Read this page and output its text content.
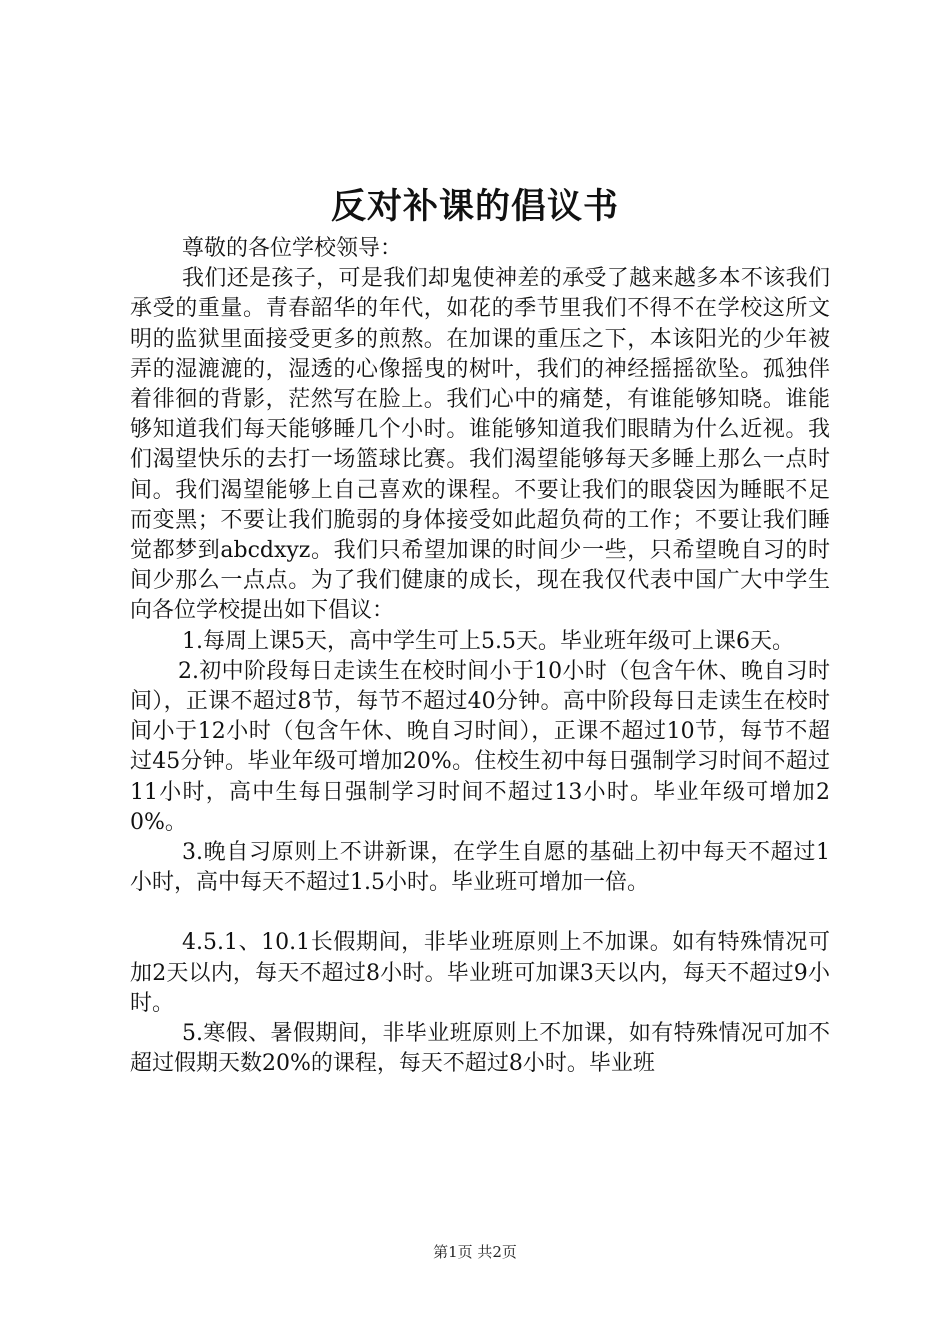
反对补课的倡议书

尊敬的各位学校领导：

我们还是孩子，可是我们却鬼使神差的承受了越来越多本不该我们承受的重量。青春韶华的年代，如花的季节里我们不得不在学校这所文明的监狱里面接受更多的煎熬。在加课的重压之下，本该阳光的少年被弄的湿漉漉的，湿透的心像摇曳的树叶，我们的神经摇摇欲坠。孤独伴着徘徊的背影，茫然写在脸上。我们心中的痛楚，有谁能够知晓。谁能够知道我们每天能够睡几个小时。谁能够知道我们眼睛为什么近视。我们渴望快乐的去打一场篮球比赛。我们渴望能够每天多睡上那么一点时间。我们渴望能够上自己喜欢的课程。不要让我们的眼袋因为睡眠不足而变黑；不要让我们脆弱的身体接受如此超负荷的工作；不要让我们睡觉都梦到abcdxyz。我们只希望加课的时间少一些，只希望晚自习的时间少那么一点点。为了我们健康的成长，现在我仅代表中国广大中学生向各位学校提出如下倡议：

1.每周上课5天，高中学生可上5.5天。毕业班年级可上课6天。

2.初中阶段每日走读生在校时间小于10小时（包含午休、晚自习时间），正课不超过8节，每节不超过40分钟。高中阶段每日走读生在校时间小于12小时（包含午休、晚自习时间），正课不超过10节，每节不超过45分钟。毕业年级可增加20%。住校生初中每日强制学习时间不超过11小时，高中生每日强制学习时间不超过13小时。毕业年级可增加20%。

3.晚自习原则上不讲新课，在学生自愿的基础上初中每天不超过1小时，高中每天不超过1.5小时。毕业班可增加一倍。

4.5.1、10.1长假期间，非毕业班原则上不加课。如有特殊情况可加2天以内，每天不超过8小时。毕业班可加课3天以内，每天不超过9小时。

5.寒假、暑假期间，非毕业班原则上不加课，如有特殊情况可加不超过假期天数20%的课程，每天不超过8小时。毕业班

第1页 共2页
